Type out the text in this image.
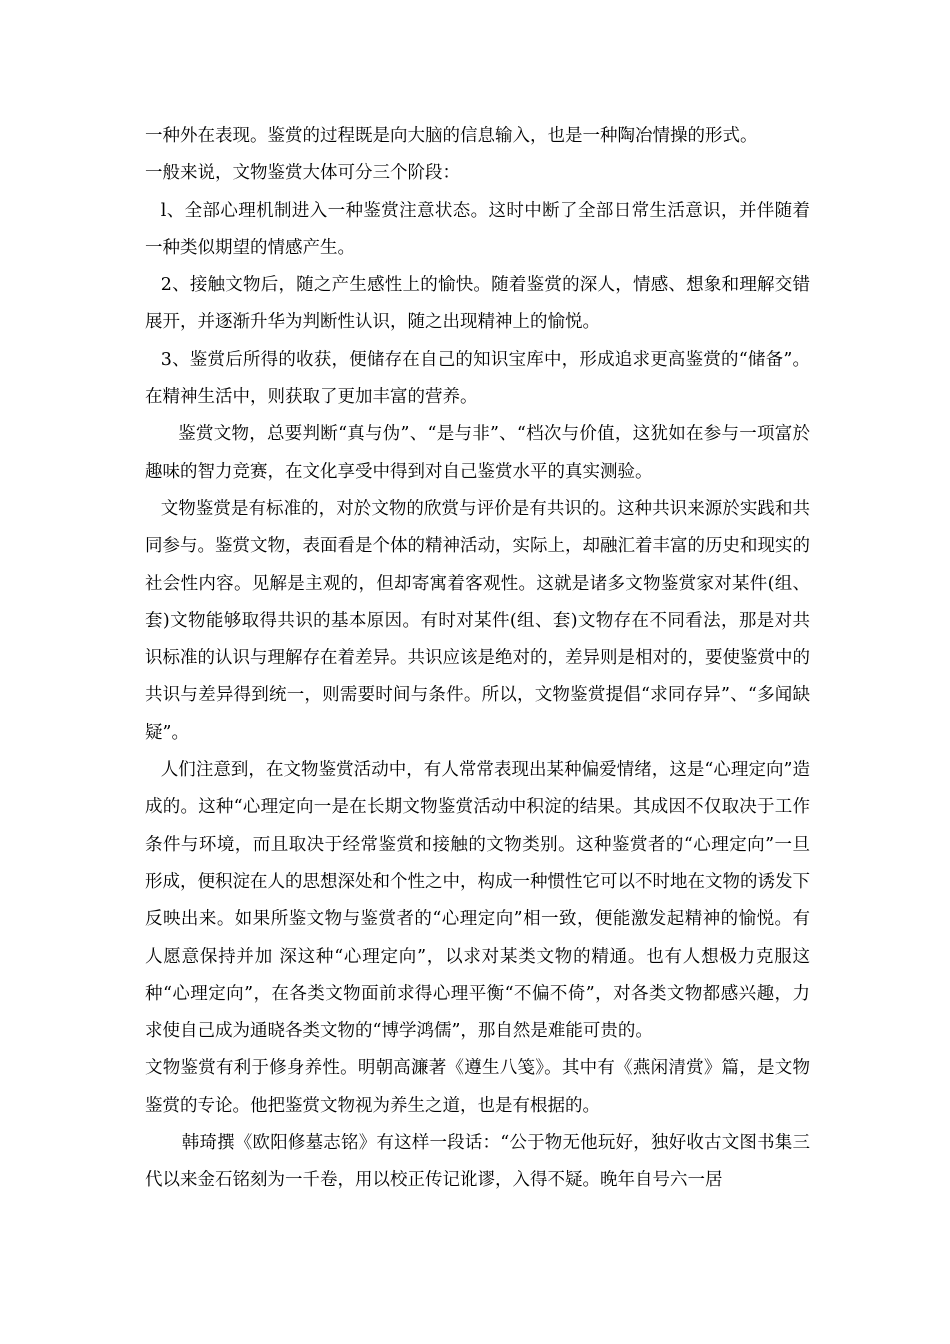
一种外在表现。鉴赏的过程既是向大脑的信息输入，也是一种陶冶情操的形式。

一般来说，文物鉴赏大体可分三个阶段：

l、全部心理机制进入一种鉴赏注意状态。这时中断了全部日常生活意识，并伴随着一种类似期望的情感产生。

2、接触文物后，随之产生感性上的愉快。随着鉴赏的深人，情感、想象和理解交错展开，并逐渐升华为判断性认识，随之出现精神上的愉悦。

3、鉴赏后所得的收获，便储存在自己的知识宝库中，形成追求更高鉴赏的“储备”。在精神生活中，则获取了更加丰富的营养。

鉴赏文物，总要判断“真与伪”、“是与非”、“档次与价值，这犹如在参与一项富於趣味的智力竞赛，在文化享受中得到对自己鉴赏水平的真实测验。

文物鉴赏是有标准的，对於文物的欣赏与评价是有共识的。这种共识来源於实践和共同参与。鉴赏文物，表面看是个体的精神活动，实际上，却融汇着丰富的历史和现实的社会性内容。见解是主观的，但却寄寓着客观性。这就是诸多文物鉴赏家对某件(组、套)文物能够取得共识的基本原因。有时对某件(组、套)文物存在不同看法，那是对共识标准的认识与理解存在着差异。共识应该是绝对的，差异则是相对的，要使鉴赏中的共识与差异得到统一，则需要时间与条件。所以，文物鉴赏提倡“求同存异”、“多闻缺疑”。

人们注意到，在文物鉴赏活动中，有人常常表现出某种偏爱情绪，这是“心理定向”造成的。这种“心理定向一是在长期文物鉴赏活动中积淀的结果。其成因不仅取决于工作条件与环境，而且取决于经常鉴赏和接触的文物类别。这种鉴赏者的“心理定向”一旦形成，便积淀在人的思想深处和个性之中，构成一种惯性它可以不时地在文物的诱发下反映出来。如果所鉴文物与鉴赏者的“心理定向”相一致，便能激发起精神的愉悦。有人愿意保持并加 深这种“心理定向”，以求对某类文物的精通。也有人想极力克服这种“心理定向”，在各类文物面前求得心理平衡“不偏不倚”，对各类文物都感兴趣，力求使自己成为通晓各类文物的“博学鸿儒”，那自然是难能可贵的。

文物鉴赏有利于修身养性。明朝高濂著《遵生八笺》。其中有《燕闲清赏》篇，是文物鉴赏的专论。他把鉴赏文物视为养生之道，也是有根据的。

韩琦撰《欧阳修墓志铭》有这样一段话：“公于物无他玩好，独好收古文图书集三代以来金石铭刻为一千卷，用以校正传记讹谬，入得不疑。晚年自号六一居
